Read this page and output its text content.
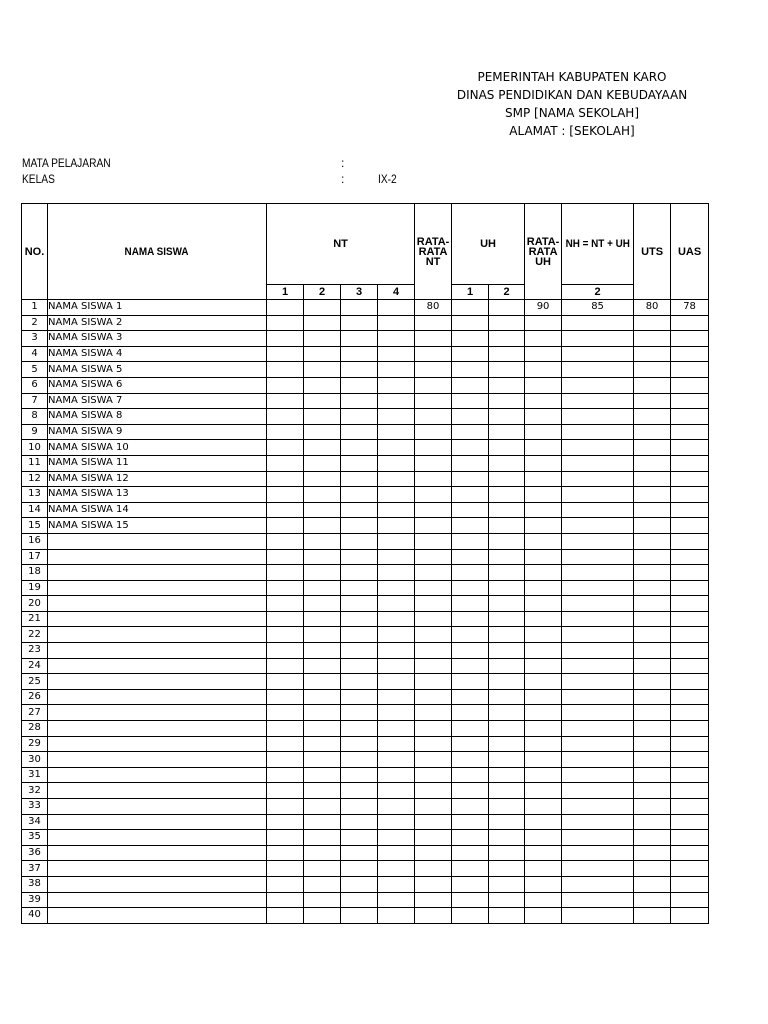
PEMERINTAH KABUPATEN KARO
DINAS PENDIDIKAN DAN KEBUDAYAAN
SMP [NAMA SEKOLAH]
ALAMAT : [SEKOLAH]
MATA PELAJARAN	:
KELAS	:	IX-2
NO.	NAMA SISWA	NT				RATA-RATA NT	UH		RATA-RATA UH	NH = NT + UH	UTS	UAS
		1	2	3	4		1	2		2		
1	NAMA SISWA 1					80			90	85	80	78
2	NAMA SISWA 2											
3	NAMA SISWA 3											
4	NAMA SISWA 4											
5	NAMA SISWA 5											
6	NAMA SISWA 6											
7	NAMA SISWA 7											
8	NAMA SISWA 8											
9	NAMA SISWA 9											
10	NAMA SISWA 10											
11	NAMA SISWA 11											
12	NAMA SISWA 12											
13	NAMA SISWA 13											
14	NAMA SISWA 14											
15	NAMA SISWA 15											
16												
17												
18												
19												
20												
21												
22												
23												
24												
25												
26												
27												
28												
29												
30												
31												
32												
33												
34												
35												
36												
37												
38												
39												
40												
